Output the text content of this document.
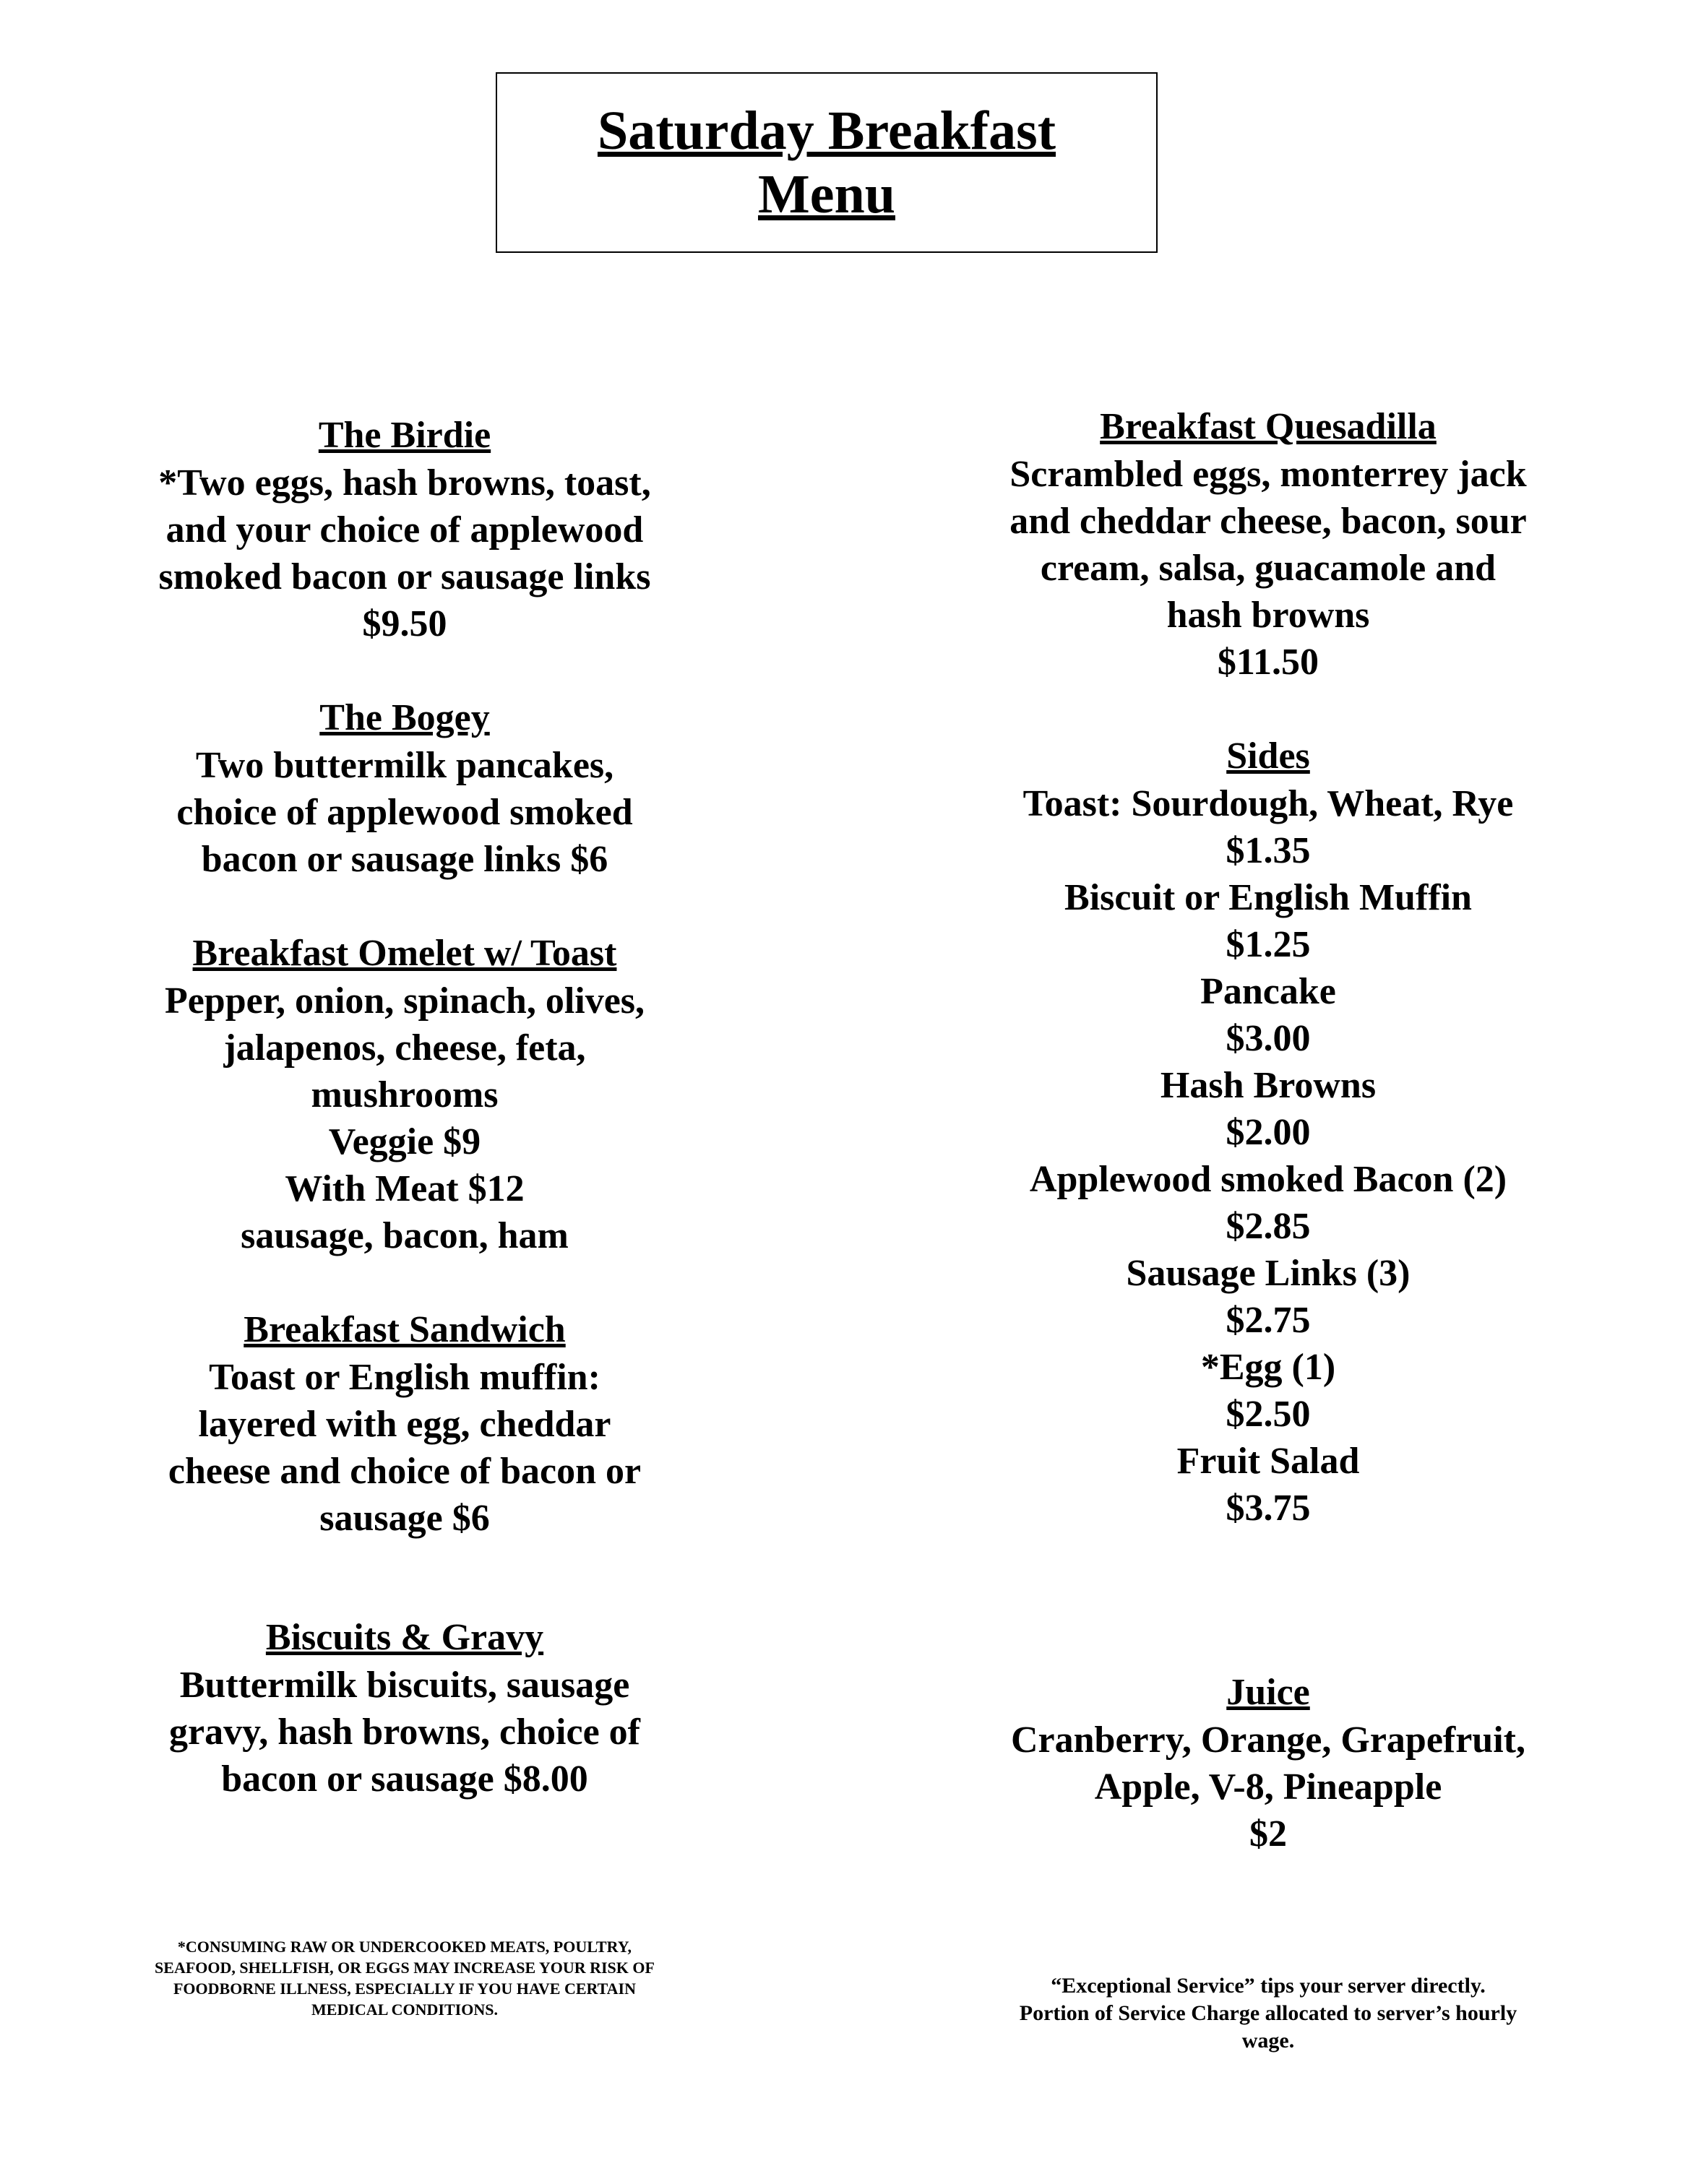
Saturday Breakfast
Menu
The Birdie

*Two eggs, hash browns, toast,
and your choice of applewood
smoked bacon or sausage links
$9.50

The Bogey

Two buttermilk pancakes,
choice of applewood smoked
bacon or sausage links $6

Breakfast Omelet w/ Toast

Pepper, onion, spinach, olives,
jalapenos, cheese, feta,
mushrooms
Veggie $9
With Meat $12
sausage, bacon, ham

Breakfast Sandwich

Toast or English muffin:
layered with egg, cheddar
cheese and choice of bacon or
sausage $6

Biscuits & Gravy

Buttermilk biscuits, sausage
gravy, hash browns, choice of
bacon or sausage $8.00

Breakfast Quesadilla

Scrambled eggs, monterrey jack
and cheddar cheese, bacon, sour
cream, salsa, guacamole and
hash browns
$11.50

Sides

Toast: Sourdough, Wheat, Rye
$1.35
Biscuit or English Muffin
$1.25
Pancake
$3.00
Hash Browns
$2.00
Applewood smoked Bacon (2)
$2.85
Sausage Links (3)
$2.75
*Egg (1)
$2.50
Fruit Salad
$3.75

Juice

Cranberry, Orange, Grapefruit,
Apple, V-8, Pineapple
$2

*CONSUMING RAW OR UNDERCOOKED MEATS, POULTRY,
SEAFOOD, SHELLFISH, OR EGGS MAY INCREASE YOUR RISK OF
FOODBORNE ILLNESS, ESPECIALLY IF YOU HAVE CERTAIN
MEDICAL CONDITIONS.
“Exceptional Service” tips your server directly.
Portion of Service Charge allocated to server’s hourly
wage.
